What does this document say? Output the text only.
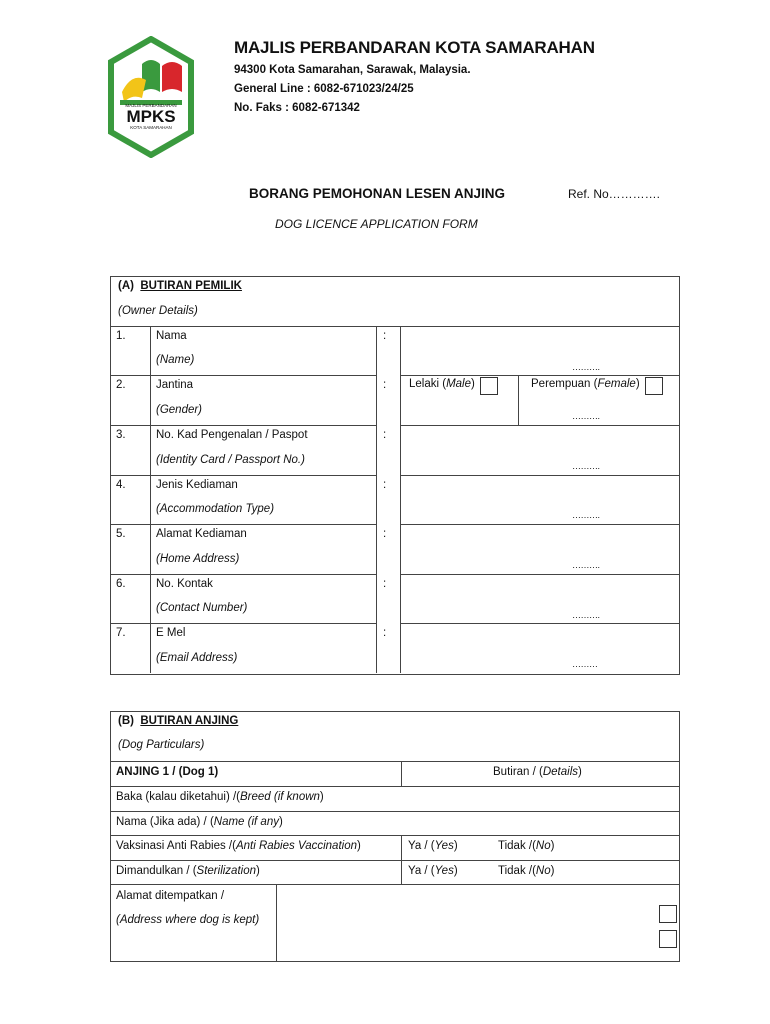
MPKS
MAJLIS PERBANDARAN
KOTA SAMARAHAN
MAJLIS PERBANDARAN KOTA SAMARAHAN
94300 Kota Samarahan, Sarawak, Malaysia.
General Line : 6082-671023/24/25
No. Faks : 6082-671342
BORANG PEMOHONAN LESEN ANJING	Ref. No………….
DOG LICENCE APPLICATION FORM
(A) BUTIRAN PEMILIK
(Owner Details)
1.	Nama
(Name)
:
……….
2.	Jantina
(Gender)
: Lelaki (Male)	Perempuan (Female)
……….
3.	No. Kad Pengenalan / Paspot
(Identity Card / Passport No.)
:
……….
4.	Jenis Kediaman
(Accommodation Type)
:
……….
5.	Alamat Kediaman
(Home Address)
:
……….
6.	No. Kontak
(Contact Number)
:
……….
7.	E Mel
(Email Address)
:
………
(B) BUTIRAN ANJING
(Dog Particulars)
ANJING 1 / (Dog 1)	Butiran / (Details)
Baka (kalau diketahui) /(Breed (if known)
Nama (Jika ada) / (Name (if any)
Vaksinasi Anti Rabies /(Anti Rabies Vaccination)	Ya / (Yes)	Tidak /(No)
Dimandulkan / (Sterilization)	Ya / (Yes)	Tidak /(No)
Alamat ditempatkan /
(Address where dog is kept)
